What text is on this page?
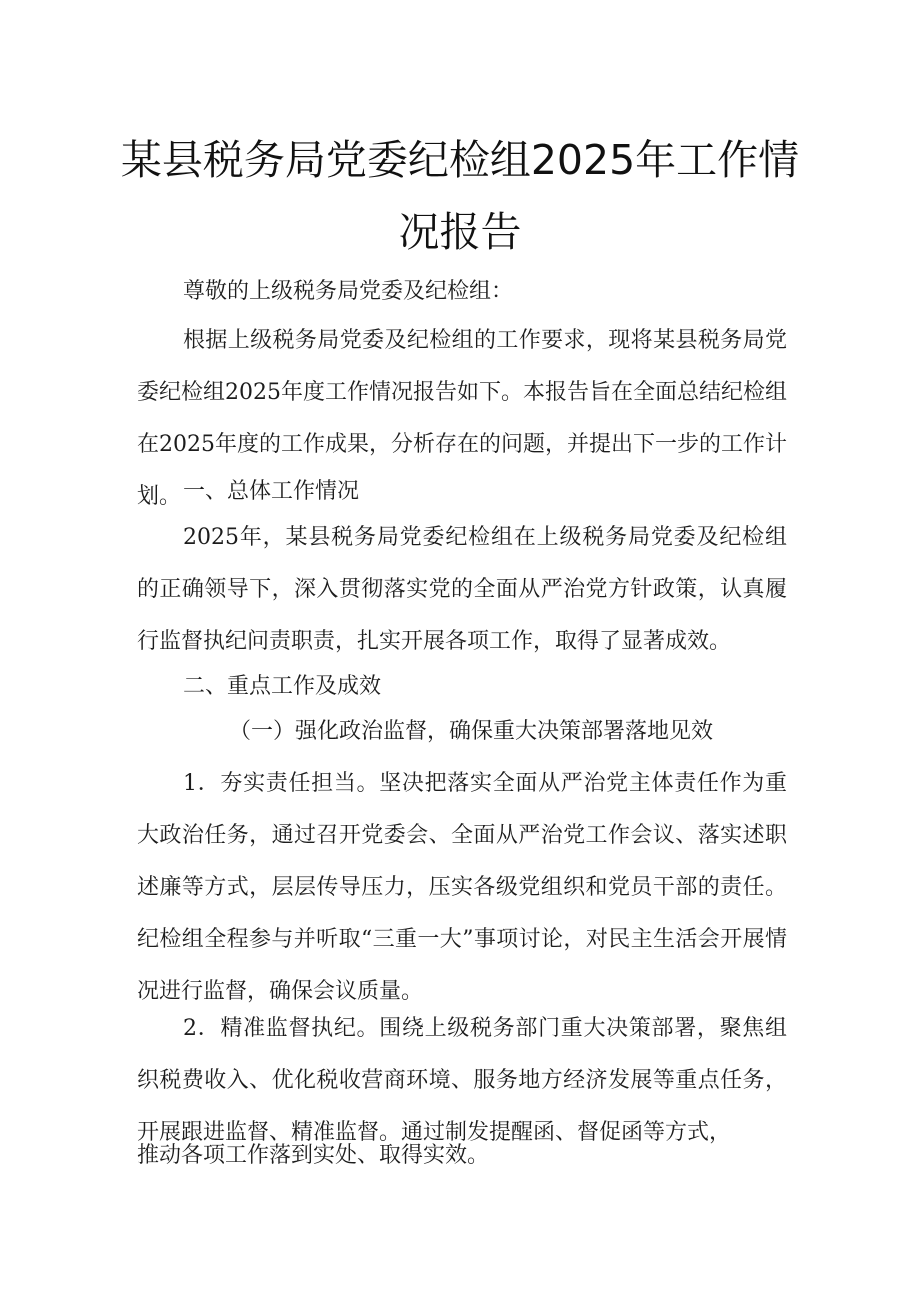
某县税务局党委纪检组2025年工作情
况报告

尊敬的上级税务局党委及纪检组：

根据上级税务局党委及纪检组的工作要求，现将某县税务局党委纪检组2025年度工作情况报告如下。本报告旨在全面总结纪检组在2025年度的工作成果，分析存在的问题，并提出下一步的工作计划。 一、总体工作情况

2025年，某县税务局党委纪检组在上级税务局党委及纪检组的正确领导下，深入贯彻落实党的全面从严治党方针政策，认真履行监督执纪问责职责，扎实开展各项工作，取得了显著成效。

二、重点工作及成效

（一）强化政治监督，确保重大决策部署落地见效

1．夯实责任担当。坚决把落实全面从严治党主体责任作为重大政治任务，通过召开党委会、全面从严治党工作会议、落实述职述廉等方式，层层传导压力，压实各级党组织和党员干部的责任。纪检组全程参与并听取“三重一大”事项讨论，对民主生活会开展情况进行监督，确保会议质量。

2．精准监督执纪。围绕上级税务部门重大决策部署，聚焦组织税费收入、优化税收营商环境、服务地方经济发展等重点任务，开展跟进监督、精准监督。通过制发提醒函、督促函等方式，

推动各项工作落到实处、取得实效。
